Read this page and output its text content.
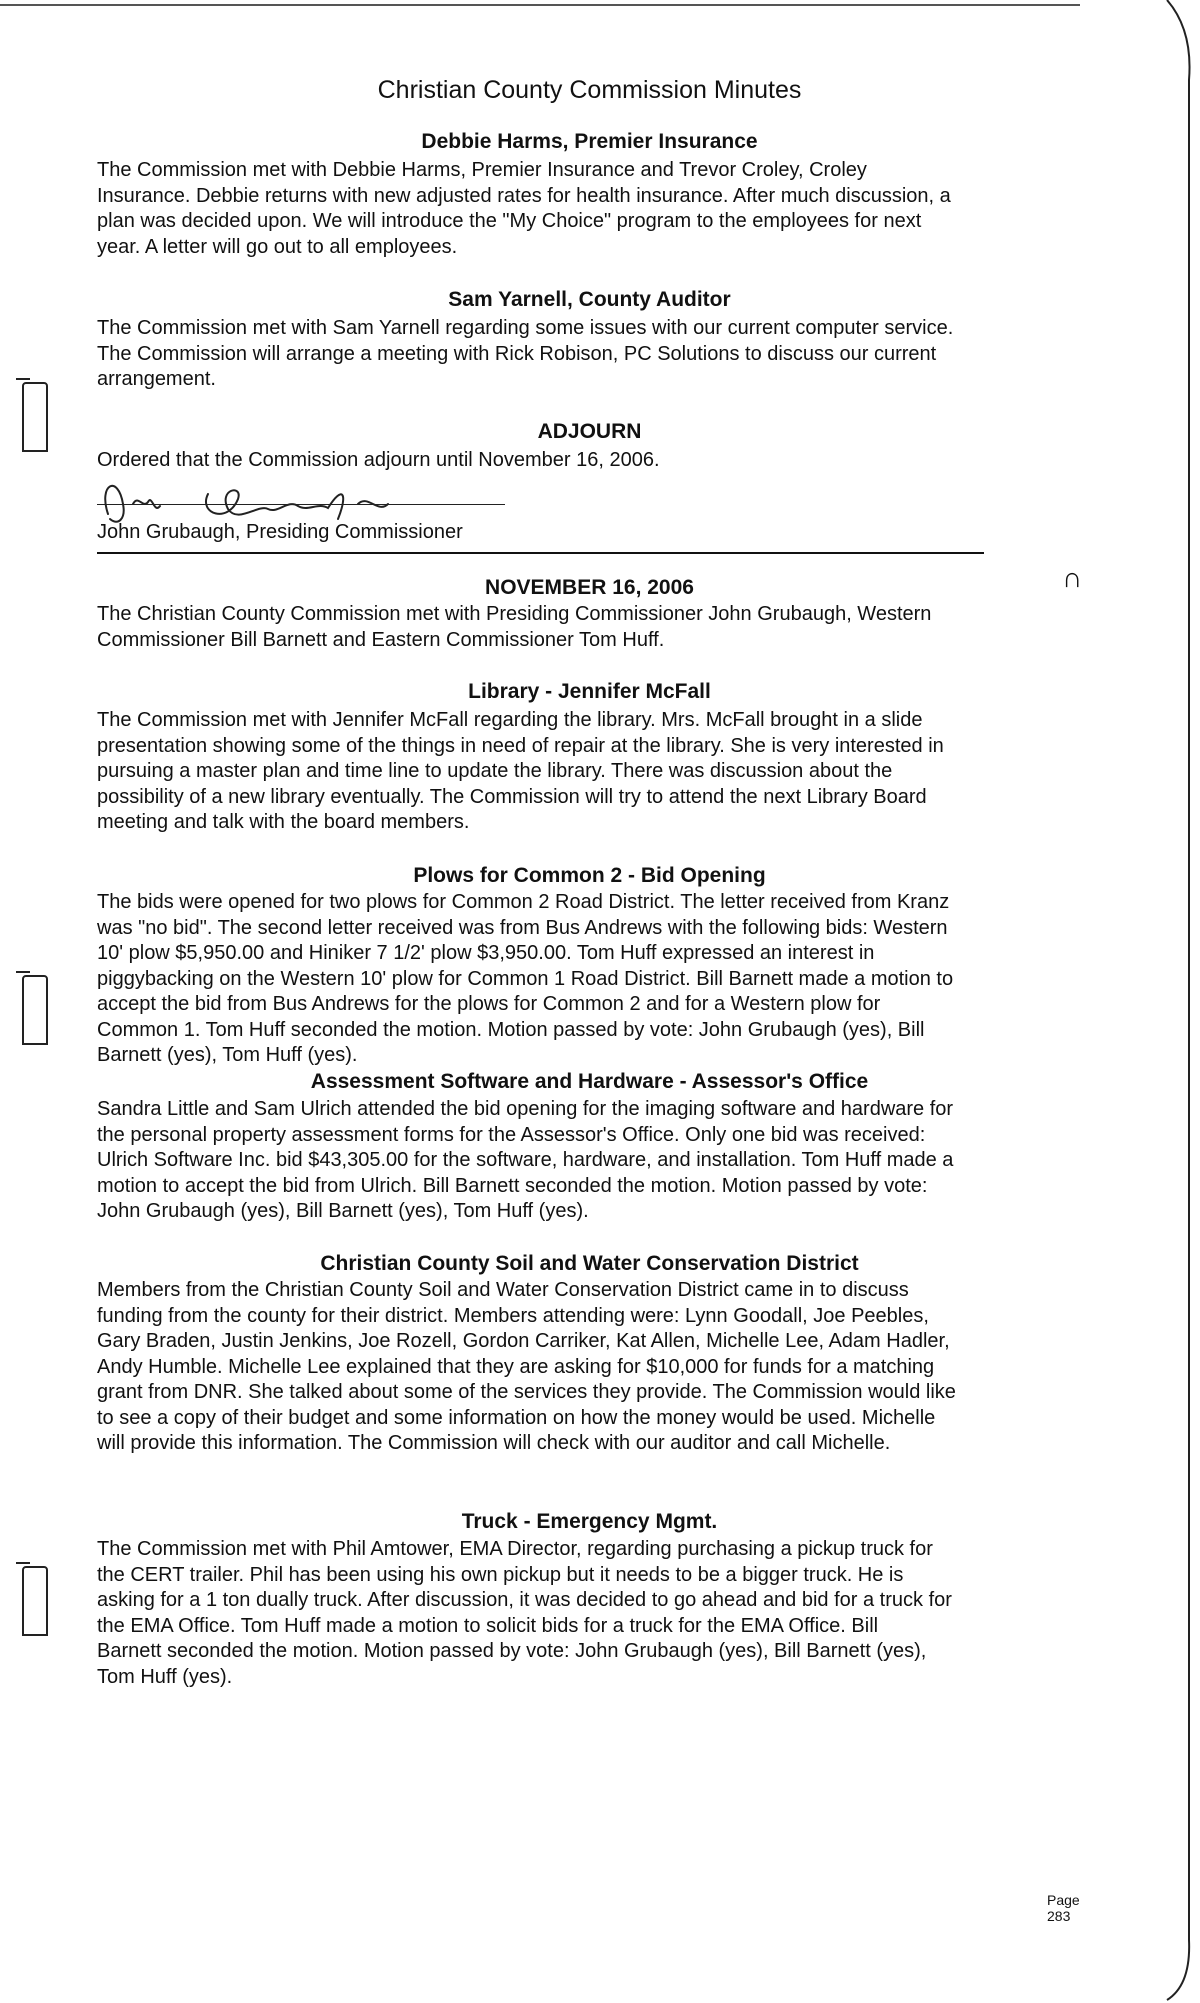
Christian County Commission Minutes
Debbie Harms, Premier Insurance
The Commission met with Debbie Harms, Premier Insurance and Trevor Croley, Croley
Insurance. Debbie returns with new adjusted rates for health insurance. After much discussion, a
plan was decided upon. We will introduce the "My Choice" program to the employees for next
year. A letter will go out to all employees.
Sam Yarnell, County Auditor
The Commission met with Sam Yarnell regarding some issues with our current computer service.
The Commission will arrange a meeting with Rick Robison, PC Solutions to discuss our current
arrangement.
ADJOURN
Ordered that the Commission adjourn until November 16, 2006.

John Grubaugh, Presiding Commissioner

NOVEMBER 16, 2006
The Christian County Commission met with Presiding Commissioner John Grubaugh, Western
Commissioner Bill Barnett and Eastern Commissioner Tom Huff.
Library - Jennifer McFall
The Commission met with Jennifer McFall regarding the library. Mrs. McFall brought in a slide
presentation showing some of the things in need of repair at the library. She is very interested in
pursuing a master plan and time line to update the library. There was discussion about the
possibility of a new library eventually. The Commission will try to attend the next Library Board
meeting and talk with the board members.
Plows for Common 2 - Bid Opening
The bids were opened for two plows for Common 2 Road District. The letter received from Kranz
was "no bid". The second letter received was from Bus Andrews with the following bids: Western
10' plow $5,950.00 and Hiniker 7 1/2' plow $3,950.00. Tom Huff expressed an interest in
piggybacking on the Western 10' plow for Common 1 Road District. Bill Barnett made a motion to
accept the bid from Bus Andrews for the plows for Common 2 and for a Western plow for
Common 1. Tom Huff seconded the motion. Motion passed by vote: John Grubaugh (yes), Bill
Barnett (yes), Tom Huff (yes).
Assessment Software and Hardware - Assessor's Office
Sandra Little and Sam Ulrich attended the bid opening for the imaging software and hardware for
the personal property assessment forms for the Assessor's Office. Only one bid was received:
Ulrich Software Inc. bid $43,305.00 for the software, hardware, and installation. Tom Huff made a
motion to accept the bid from Ulrich. Bill Barnett seconded the motion. Motion passed by vote:
John Grubaugh (yes), Bill Barnett (yes), Tom Huff (yes).
Christian County Soil and Water Conservation District
Members from the Christian County Soil and Water Conservation District came in to discuss
funding from the county for their district. Members attending were: Lynn Goodall, Joe Peebles,
Gary Braden, Justin Jenkins, Joe Rozell, Gordon Carriker, Kat Allen, Michelle Lee, Adam Hadler,
Andy Humble. Michelle Lee explained that they are asking for $10,000 for funds for a matching
grant from DNR. She talked about some of the services they provide. The Commission would like
to see a copy of their budget and some information on how the money would be used. Michelle
will provide this information. The Commission will check with our auditor and call Michelle.
Truck - Emergency Mgmt.
The Commission met with Phil Amtower, EMA Director, regarding purchasing a pickup truck for
the CERT trailer. Phil has been using his own pickup but it needs to be a bigger truck. He is
asking for a 1 ton dually truck. After discussion, it was decided to go ahead and bid for a truck for
the EMA Office. Tom Huff made a motion to solicit bids for a truck for the EMA Office. Bill
Barnett seconded the motion. Motion passed by vote: John Grubaugh (yes), Bill Barnett (yes),
Tom Huff (yes).

Page 283

∩
